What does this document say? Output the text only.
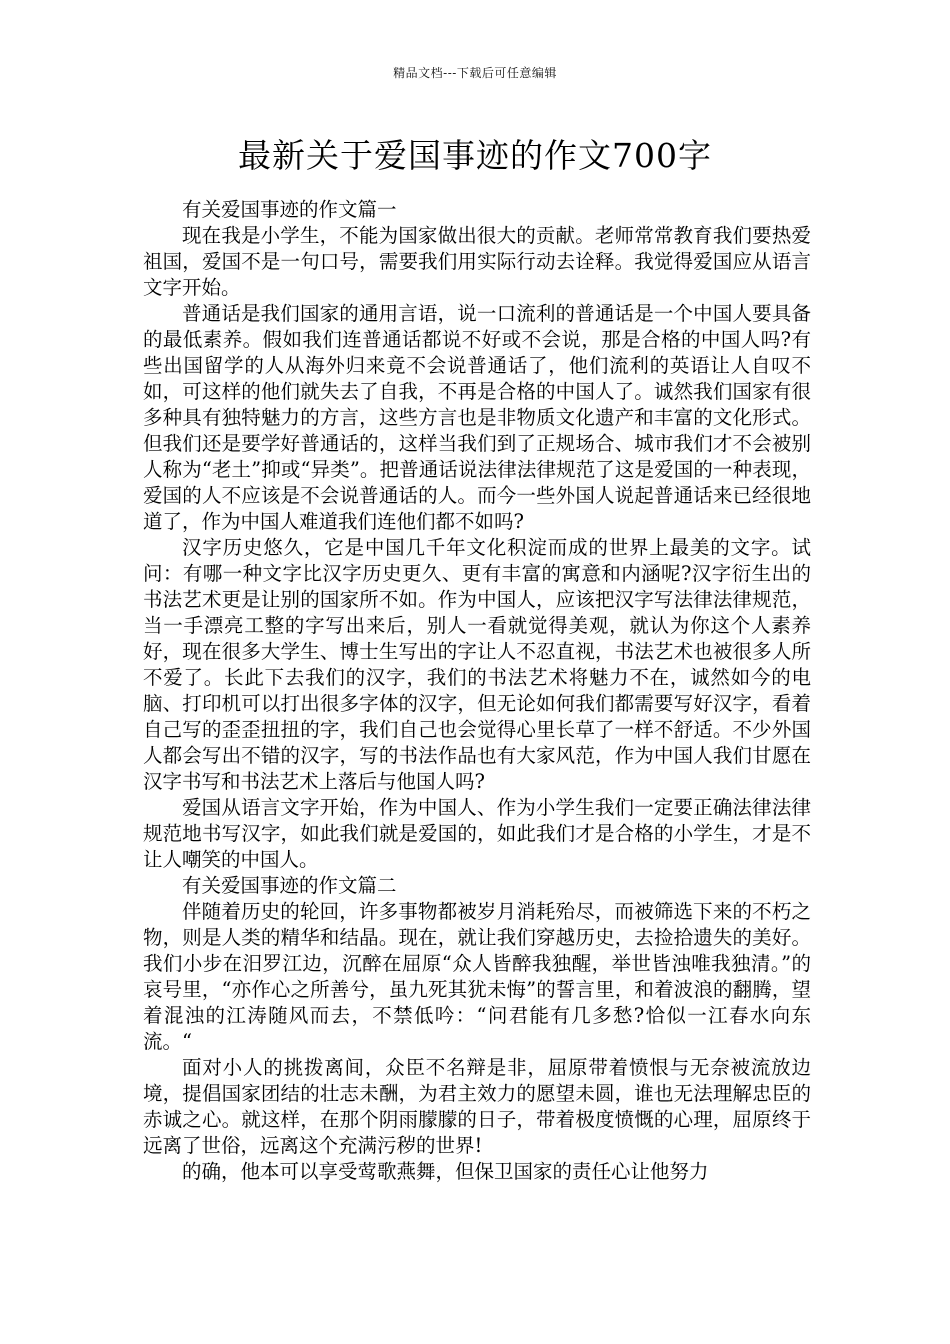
精品文档---下载后可任意编辑
最新关于爱国事迹的作文700字

有关爱国事迹的作文篇一

现在我是小学生，不能为国家做出很大的贡献。老师常常教育我们要热爱祖国，爱国不是一句口号，需要我们用实际行动去诠释。我觉得爱国应从语言文字开始。

普通话是我们国家的通用言语，说一口流利的普通话是一个中国人要具备的最低素养。假如我们连普通话都说不好或不会说，那是合格的中国人吗?有些出国留学的人从海外归来竟不会说普通话了，他们流利的英语让人自叹不如，可这样的他们就失去了自我，不再是合格的中国人了。诚然我们国家有很多种具有独特魅力的方言，这些方言也是非物质文化遗产和丰富的文化形式。但我们还是要学好普通话的，这样当我们到了正规场合、城市我们才不会被别人称为“老土”抑或“异类”。把普通话说法律法律规范了这是爱国的一种表现，爱国的人不应该是不会说普通话的人。而今一些外国人说起普通话来已经很地道了，作为中国人难道我们连他们都不如吗?

汉字历史悠久，它是中国几千年文化积淀而成的世界上最美的文字。试问：有哪一种文字比汉字历史更久、更有丰富的寓意和内涵呢?汉字衍生出的书法艺术更是让别的国家所不如。作为中国人，应该把汉字写法律法律规范，当一手漂亮工整的字写出来后，别人一看就觉得美观，就认为你这个人素养好，现在很多大学生、博士生写出的字让人不忍直视，书法艺术也被很多人所不爱了。长此下去我们的汉字，我们的书法艺术将魅力不在，诚然如今的电脑、打印机可以打出很多字体的汉字，但无论如何我们都需要写好汉字，看着自己写的歪歪扭扭的字，我们自己也会觉得心里长草了一样不舒适。不少外国人都会写出不错的汉字，写的书法作品也有大家风范，作为中国人我们甘愿在汉字书写和书法艺术上落后与他国人吗?

爱国从语言文字开始，作为中国人、作为小学生我们一定要正确法律法律规范地书写汉字，如此我们就是爱国的，如此我们才是合格的小学生，才是不让人嘲笑的中国人。

有关爱国事迹的作文篇二

伴随着历史的轮回，许多事物都被岁月消耗殆尽，而被筛选下来的不朽之物，则是人类的精华和结晶。现在，就让我们穿越历史，去捡拾遗失的美好。我们小步在汨罗江边，沉醉在屈原“众人皆醉我独醒，举世皆浊唯我独清。”的哀号里，“亦作心之所善兮，虽九死其犹未悔”的誓言里，和着波浪的翻腾，望着混浊的江涛随风而去，不禁低吟：“问君能有几多愁?恰似一江春水向东流。“

面对小人的挑拨离间，众臣不名辩是非，屈原带着愤恨与无奈被流放边境，提倡国家团结的壮志未酬，为君主效力的愿望未圆，谁也无法理解忠臣的赤诚之心。就这样，在那个阴雨朦朦的日子，带着极度愤慨的心理，屈原终于远离了世俗，远离这个充满污秽的世界!

的确，他本可以享受莺歌燕舞，但保卫国家的责任心让他努力
